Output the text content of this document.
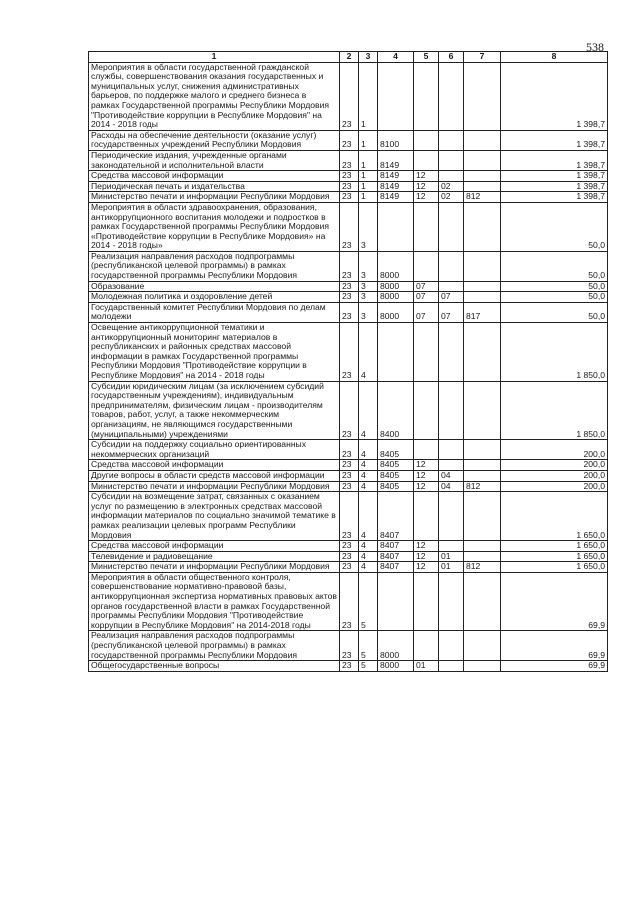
538
1	2	3	4	5	6	7	8
Мероприятия в области государственной гражданской службы, совершенствования оказания государственных и муниципальных услуг, снижения административных барьеров, по поддержке малого и среднего бизнеса в рамках Государственной программы Республики Мордовия "Противодействие коррупции в Республике Мордовия" на 2014 - 2018 годы	23	1					1 398,7
Расходы на обеспечение деятельности (оказание услуг) государственных учреждений Республики Мордовия	23	1	8100				1 398,7
Периодические издания, учрежденные органами законодательной и исполнительной власти	23	1	8149				1 398,7
Средства массовой информации	23	1	8149	12			1 398,7
Периодическая печать и издательства	23	1	8149	12	02		1 398,7
Министерство печати и информации Республики Мордовия	23	1	8149	12	02	812	1 398,7
Мероприятия в области здравоохранения, образования, антикоррупционного воспитания молодежи и подростков в рамках Государственной программы Республики Мордовия «Противодействие коррупции в Республике Мордовия» на 2014 - 2018 годы»	23	3					50,0
Реализация направления расходов подпрограммы (республиканской целевой программы) в рамках государственной программы Республики Мордовия	23	3	8000				50,0
Образование	23	3	8000	07			50,0
Молодежная политика и оздоровление детей	23	3	8000	07	07		50,0
Государственный комитет Республики Мордовия по делам молодежи	23	3	8000	07	07	817	50,0
Освещение антикоррупционной тематики и антикоррупционный мониторинг материалов в республиканских и районных средствах массовой информации в рамках Государственной программы Республики Мордовия "Противодействие коррупции в Республике Мордовия" на 2014 - 2018 годы	23	4					1 850,0
Субсидии юридическим лицам (за исключением субсидий государственным учреждениям), индивидуальным предпринимателям, физическим лицам - производителям товаров, работ, услуг, а также некоммерческим организациям, не являющимся государственными (муниципальными) учреждениями	23	4	8400				1 850,0
Субсидии на поддержку социально ориентированных некоммерческих организаций	23	4	8405				200,0
Средства массовой информации	23	4	8405	12			200,0
Другие вопросы в области средств массовой информации	23	4	8405	12	04		200,0
Министерство печати и информации Республики Мордовия	23	4	8405	12	04	812	200,0
Субсидии на возмещение затрат, связанных с оказанием услуг по размещению в электронных средствах массовой информации материалов по социально значимой тематике в рамках реализации целевых программ Республики Мордовия	23	4	8407				1 650,0
Средства массовой информации	23	4	8407	12			1 650,0
Телевидение и радиовещание	23	4	8407	12	01		1 650,0
Министерство печати и информации Республики Мордовия	23	4	8407	12	01	812	1 650,0
Мероприятия в области общественного контроля, совершенствование нормативно-правовой базы, антикоррупционная экспертиза нормативных правовых актов органов государственной власти в рамках Государственной программы Республики Мордовия "Противодействие коррупции в Республике Мордовия" на 2014-2018 годы	23	5					69,9
Реализация направления расходов подпрограммы (республиканской целевой программы) в рамках государственной программы Республики Мордовия	23	5	8000				69,9
Общегосударственные вопросы	23	5	8000	01			69,9
